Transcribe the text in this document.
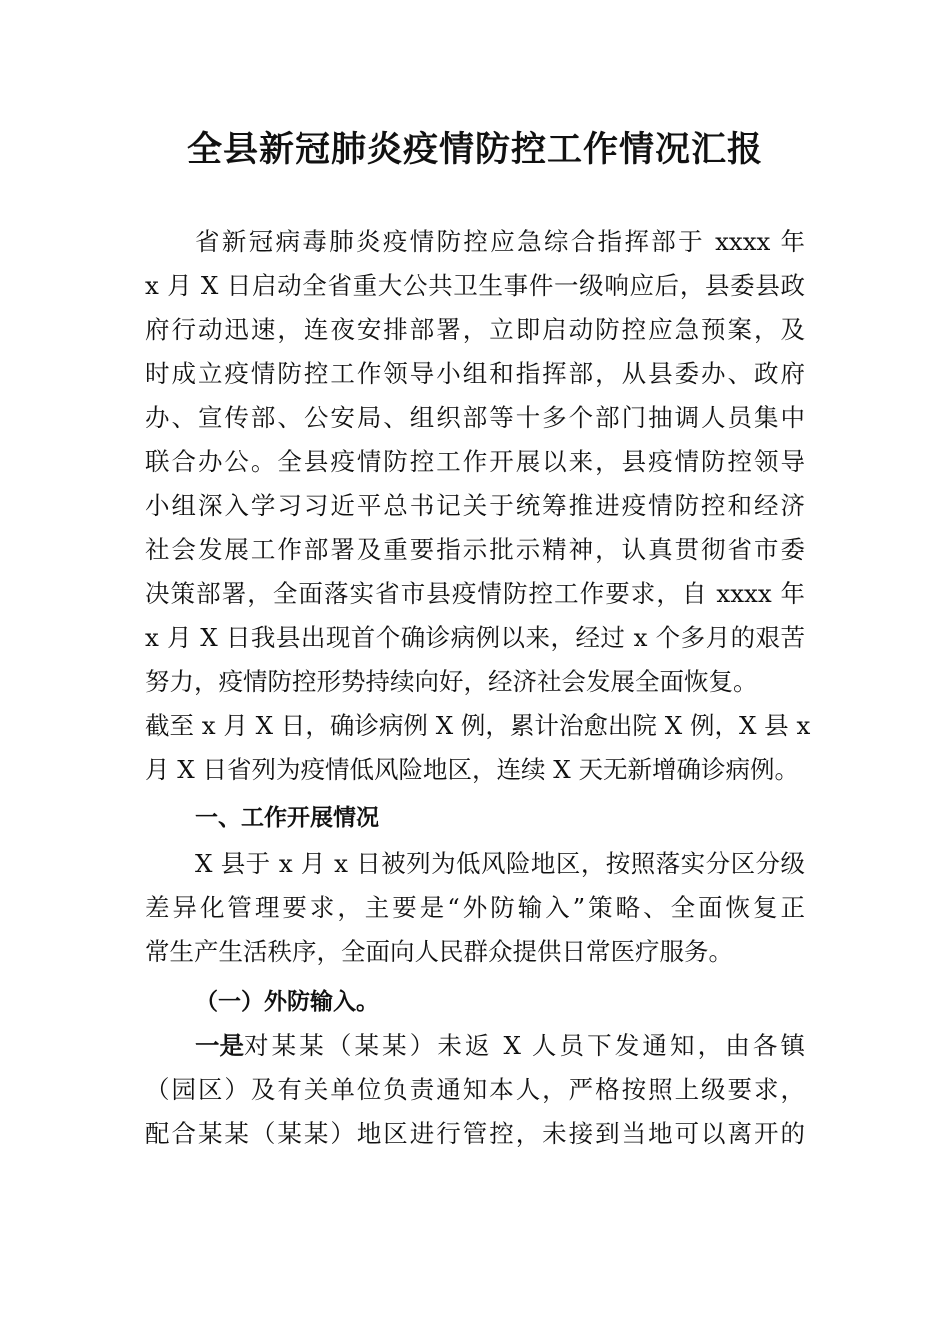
全县新冠肺炎疫情防控工作情况汇报

省新冠病毒肺炎疫情防控应急综合指挥部于 xxxx 年

x 月 X 日启动全省重大公共卫生事件一级响应后，县委县政

府行动迅速，连夜安排部署，立即启动防控应急预案，及

时成立疫情防控工作领导小组和指挥部，从县委办、政府

办、宣传部、公安局、组织部等十多个部门抽调人员集中

联合办公。全县疫情防控工作开展以来，县疫情防控领导

小组深入学习习近平总书记关于统筹推进疫情防控和经济

社会发展工作部署及重要指示批示精神，认真贯彻省市委

决策部署，全面落实省市县疫情防控工作要求，自 xxxx 年

x 月 X 日我县出现首个确诊病例以来，经过 x 个多月的艰苦

努力，疫情防控形势持续向好，经济社会发展全面恢复。

截至 x 月 X 日，确诊病例 X 例，累计治愈出院 X 例，X 县 x

月 X 日省列为疫情低风险地区，连续 X 天无新增确诊病例。

一、工作开展情况

X 县于 x 月 x 日被列为低风险地区，按照落实分区分级

差异化管理要求，主要是“外防输入”策略、全面恢复正

常生产生活秩序，全面向人民群众提供日常医疗服务。

（一）外防输入。

一是 对某某（某某）未返 X 人员下发通知，由各镇

（园区）及有关单位负责通知本人，严格按照上级要求，

配合某某（某某）地区进行管控，未接到当地可以离开的
